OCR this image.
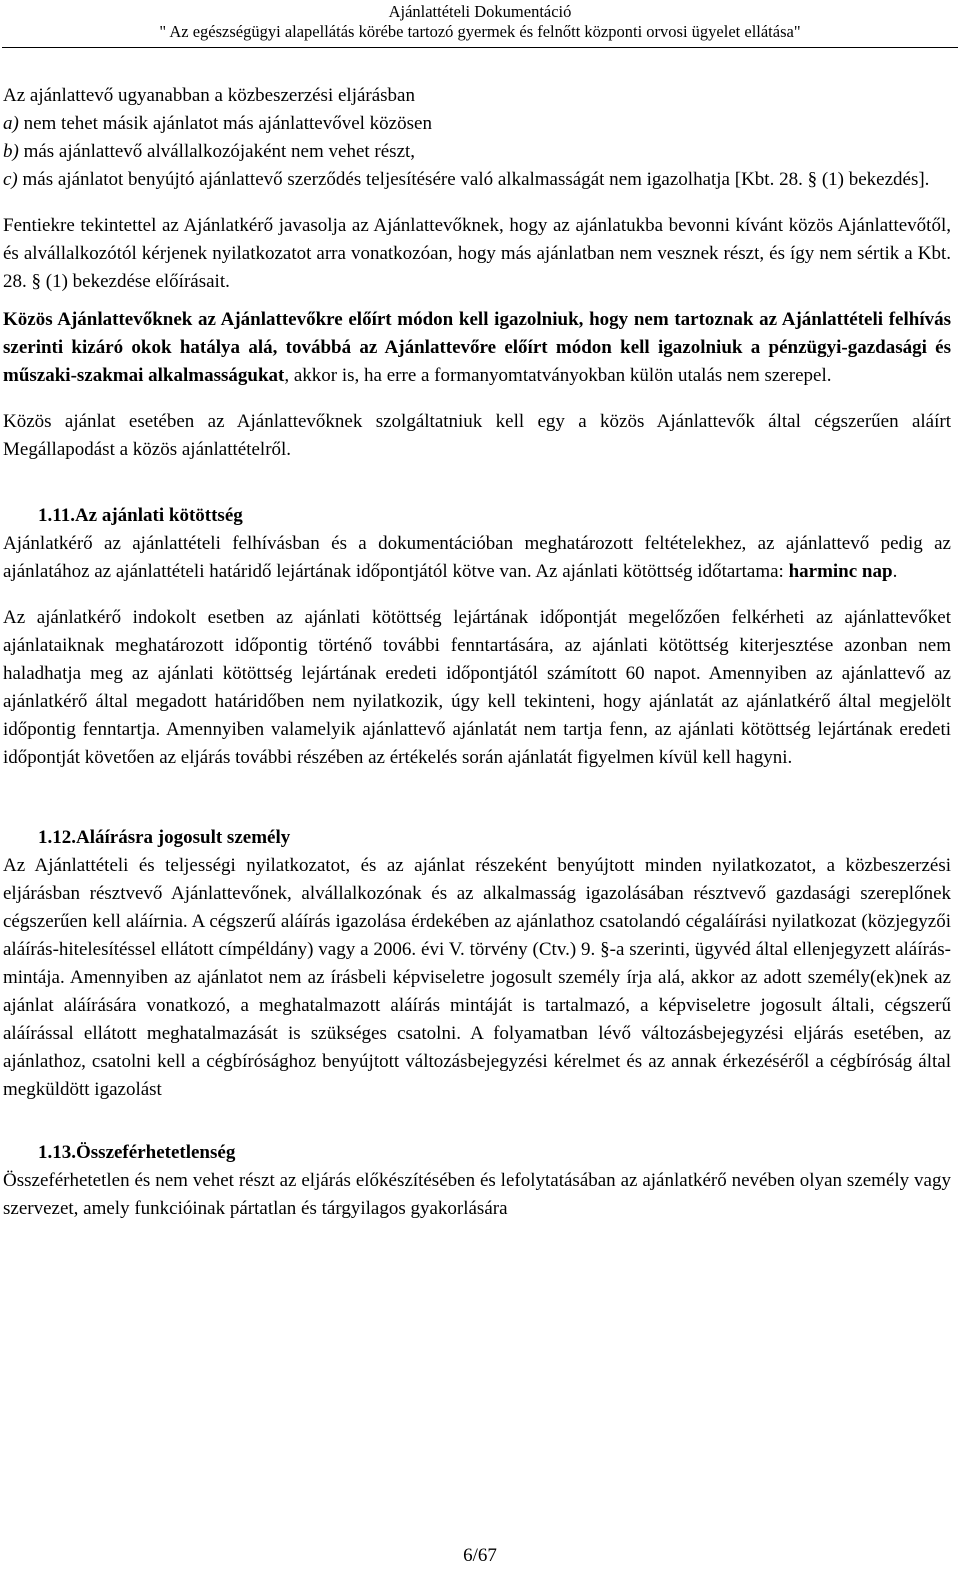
Ajánlattételi Dokumentáció
" Az egészségügyi alapellátás körébe tartozó gyermek és felnőtt központi orvosi ügyelet ellátása"

Az ajánlattevő ugyanabban a közbeszerzési eljárásban

a) nem tehet másik ajánlatot más ajánlattevővel közösen

b) más ajánlattevő alvállalkozójaként nem vehet részt,

c) más ajánlatot benyújtó ajánlattevő szerződés teljesítésére való alkalmasságát nem igazolhatja [Kbt. 28. § (1) bekezdés].

Fentiekre tekintettel az Ajánlatkérő javasolja az Ajánlattevőknek, hogy az ajánlatukba bevonni kívánt közös Ajánlattevőtől, és alvállalkozótól kérjenek nyilatkozatot arra vonatkozóan, hogy más ajánlatban nem vesznek részt, és így nem sértik a Kbt. 28. § (1) bekezdése előírásait.

Közös Ajánlattevőknek az Ajánlattevőkre előírt módon kell igazolniuk, hogy nem tartoznak az Ajánlattételi felhívás szerinti kizáró okok hatálya alá, továbbá az Ajánlattevőre előírt módon kell igazolniuk a pénzügyi-gazdasági és műszaki-szakmai alkalmasságukat, akkor is, ha erre a formanyomtatványokban külön utalás nem szerepel.

Közös ajánlat esetében az Ajánlattevőknek szolgáltatniuk kell egy a közös Ajánlattevők által cégszerűen aláírt Megállapodást a közös ajánlattételről.

1.11.Az ajánlati kötöttség

Ajánlatkérő az ajánlattételi felhívásban és a dokumentációban meghatározott feltételekhez, az ajánlattevő pedig az ajánlatához az ajánlattételi határidő lejártának időpontjától kötve van. Az ajánlati kötöttség időtartama: harminc nap.

Az ajánlatkérő indokolt esetben az ajánlati kötöttség lejártának időpontját megelőzően felkérheti az ajánlattevőket ajánlataiknak meghatározott időpontig történő további fenntartására, az ajánlati kötöttség kiterjesztése azonban nem haladhatja meg az ajánlati kötöttség lejártának eredeti időpontjától számított 60 napot. Amennyiben az ajánlattevő az ajánlatkérő által megadott határidőben nem nyilatkozik, úgy kell tekinteni, hogy ajánlatát az ajánlatkérő által megjelölt időpontig fenntartja. Amennyiben valamelyik ajánlattevő ajánlatát nem tartja fenn, az ajánlati kötöttség lejártának eredeti időpontját követően az eljárás további részében az értékelés során ajánlatát figyelmen kívül kell hagyni.

1.12.Aláírásra jogosult személy

Az Ajánlattételi és teljességi nyilatkozatot, és az ajánlat részeként benyújtott minden nyilatkozatot, a közbeszerzési eljárásban résztvevő Ajánlattevőnek, alvállalkozónak és az alkalmasság igazolásában résztvevő gazdasági szereplőnek cégszerűen kell aláírnia. A cégszerű aláírás igazolása érdekében az ajánlathoz csatolandó cégaláírási nyilatkozat (közjegyzői aláírás-hitelesítéssel ellátott címpéldány) vagy a 2006. évi V. törvény (Ctv.) 9. §-a szerinti, ügyvéd által ellenjegyzett aláírás-mintája. Amennyiben az ajánlatot nem az írásbeli képviseletre jogosult személy írja alá, akkor az adott személy(ek)nek az ajánlat aláírására vonatkozó, a meghatalmazott aláírás mintáját is tartalmazó, a képviseletre jogosult általi, cégszerű aláírással ellátott meghatalmazását is szükséges csatolni. A folyamatban lévő változásbejegyzési eljárás esetében, az ajánlathoz, csatolni kell a cégbírósághoz benyújtott változásbejegyzési kérelmet és az annak érkezéséről a cégbíróság által megküldött igazolást

1.13.Összeférhetetlenség

Összeférhetetlen és nem vehet részt az eljárás előkészítésében és lefolytatásában az ajánlatkérő nevében olyan személy vagy szervezet, amely funkcióinak pártatlan és tárgyilagos gyakorlására

6/67
